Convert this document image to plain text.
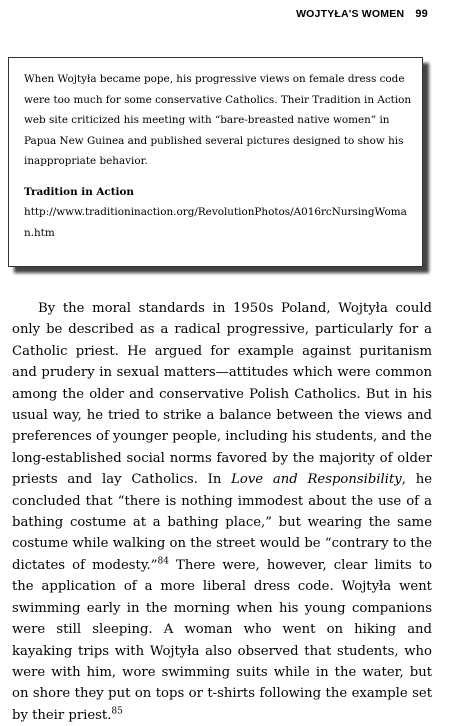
WOJTYŁA'S WOMEN 99

When Wojtyła became pope, his progressive views on female dress code were too much for some conservative Catholics. Their Tradition in Action web site criticized his meeting with “bare-breasted native women” in Papua New Guinea and published several pictures designed to show his inappropriate behavior.

Tradition in Action

http://www.traditioninaction.org/RevolutionPhotos/A016rcNursingWoman.htm

By the moral standards in 1950s Poland, Wojtyła could only be described as a radical progressive, particularly for a Catholic priest. He argued for example against puritanism and prudery in sexual matters—attitudes which were common among the older and conservative Polish Catholics. But in his usual way, he tried to strike a balance between the views and preferences of younger people, including his students, and the long-established social norms favored by the majority of older priests and lay Catholics. In Love and Responsibility, he concluded that “there is nothing immodest about the use of a bathing costume at a bathing place,” but wearing the same costume while walking on the street would be “contrary to the dictates of modesty.”$^{84}$ There were, however, clear limits to the application of a more liberal dress code. Wojtyła went swimming early in the morning when his young companions were still sleeping. A woman who went on hiking and kayaking trips with Wojtyła also observed that students, who were with him, wore swimming suits while in the water, but on shore they put on tops or t-shirts following the example set by their priest.$^{85}$
